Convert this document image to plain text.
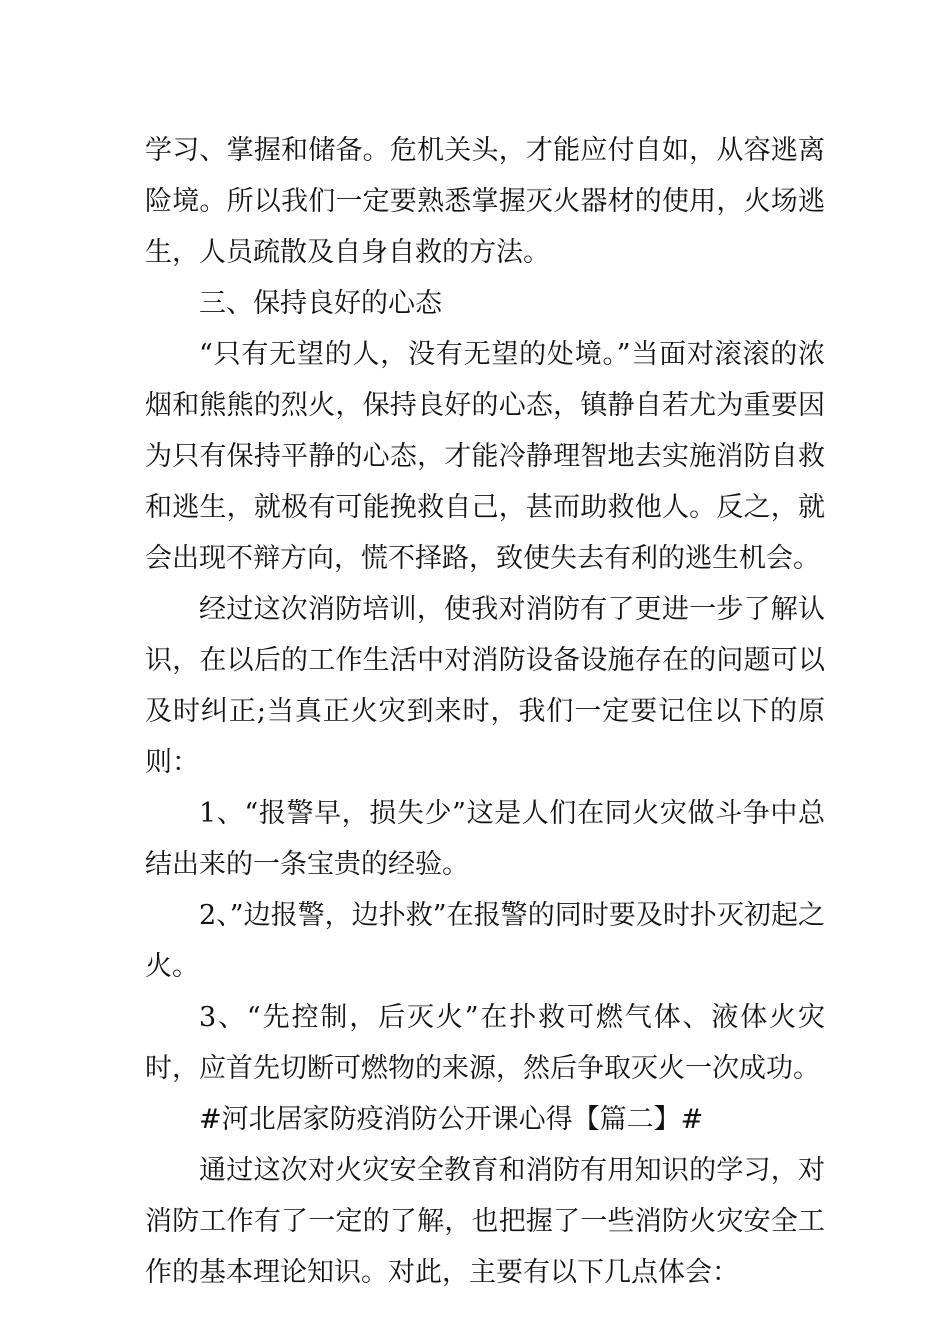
学习、掌握和储备。危机关头，才能应付自如，从容逃离险境。所以我们一定要熟悉掌握灭火器材的使用，火场逃生，人员疏散及自身自救的方法。

三、保持良好的心态

“只有无望的人，没有无望的处境。”当面对滚滚的浓烟和熊熊的烈火，保持良好的心态，镇静自若尤为重要因为只有保持平静的心态，才能冷静理智地去实施消防自救和逃生，就极有可能挽救自己，甚而助救他人。反之，就会出现不辩方向，慌不择路，致使失去有利的逃生机会。

经过这次消防培训，使我对消防有了更进一步了解认识，在以后的工作生活中对消防设备设施存在的问题可以及时纠正;当真正火灾到来时，我们一定要记住以下的原则：

1、“报警早，损失少”这是人们在同火灾做斗争中总结出来的一条宝贵的经验。

2、”边报警，边扑救”在报警的同时要及时扑灭初起之火。

3、“先控制，后灭火”在扑救可燃气体、液体火灾时，应首先切断可燃物的来源，然后争取灭火一次成功。

#河北居家防疫消防公开课心得【篇二】#

通过这次对火灾安全教育和消防有用知识的学习，对消防工作有了一定的了解，也把握了一些消防火灾安全工作的基本理论知识。对此，主要有以下几点体会：
